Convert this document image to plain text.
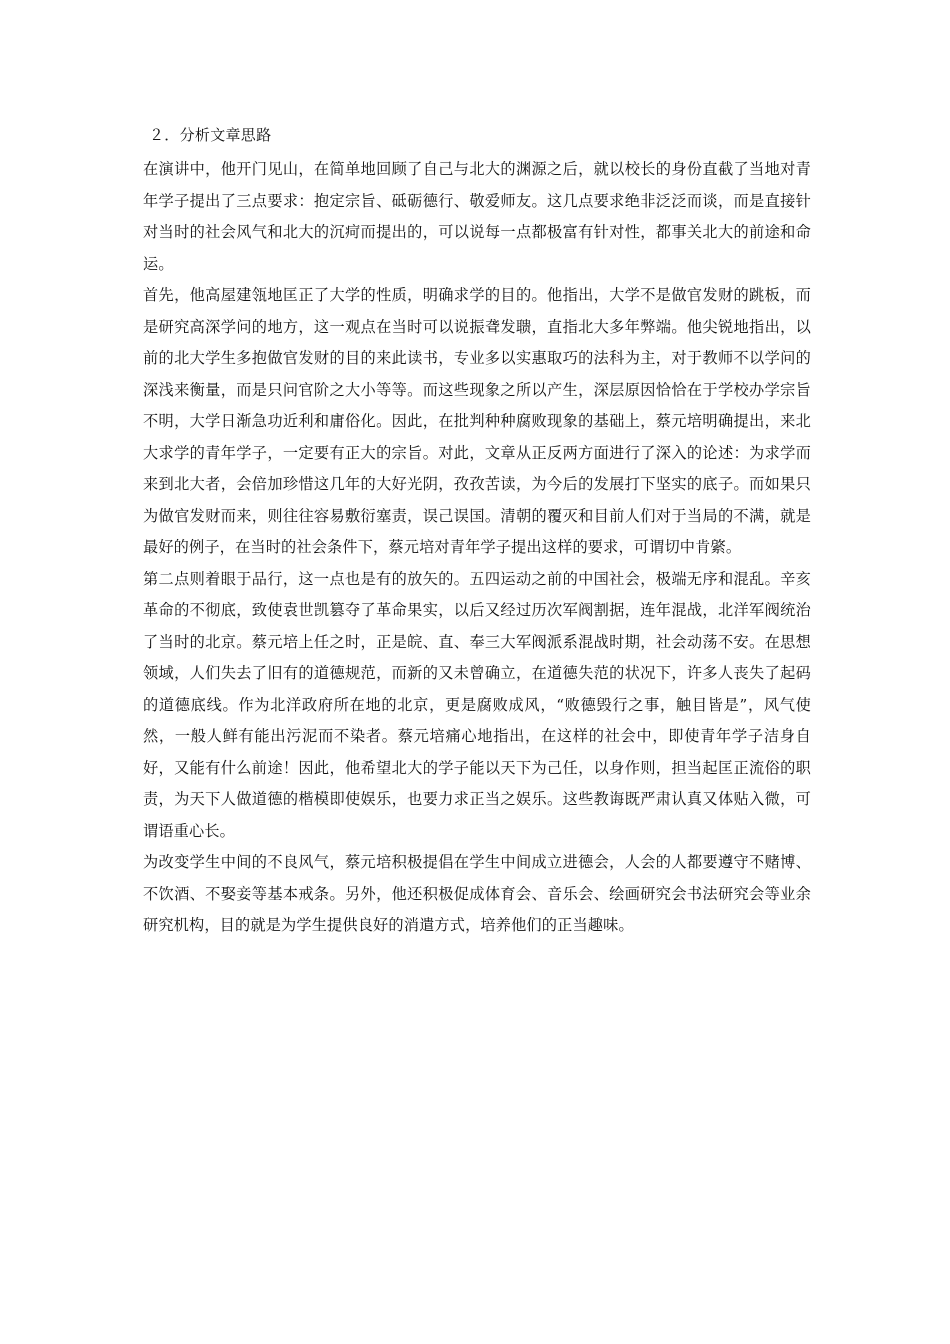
２．分析文章思路

在演讲中，他开门见山，在简单地回顾了自己与北大的渊源之后，就以校长的身份直截了当地对青年学子提出了三点要求：抱定宗旨、砥砺德行、敬爱师友。这几点要求绝非泛泛而谈，而是直接针对当时的社会风气和北大的沉疴而提出的，可以说每一点都极富有针对性，都事关北大的前途和命运。

首先，他高屋建瓴地匡正了大学的性质，明确求学的目的。他指出，大学不是做官发财的跳板，而是研究高深学问的地方，这一观点在当时可以说振聋发聩，直指北大多年弊端。他尖锐地指出，以前的北大学生多抱做官发财的目的来此读书，专业多以实惠取巧的法科为主，对于教师不以学问的深浅来衡量，而是只问官阶之大小等等。而这些现象之所以产生，深层原因恰恰在于学校办学宗旨不明，大学日渐急功近利和庸俗化。因此，在批判种种腐败现象的基础上，蔡元培明确提出，来北大求学的青年学子，一定要有正大的宗旨。对此，文章从正反两方面进行了深入的论述：为求学而来到北大者，会倍加珍惜这几年的大好光阴，孜孜苦读，为今后的发展打下坚实的底子。而如果只为做官发财而来，则往往容易敷衍塞责，误己误国。清朝的覆灭和目前人们对于当局的不满，就是最好的例子，在当时的社会条件下，蔡元培对青年学子提出这样的要求，可谓切中肯綮。

第二点则着眼于品行，这一点也是有的放矢的。五四运动之前的中国社会，极端无序和混乱。辛亥革命的不彻底，致使袁世凯篡夺了革命果实，以后又经过历次军阀割据，连年混战，北洋军阀统治了当时的北京。蔡元培上任之时，正是皖、直、奉三大军阀派系混战时期，社会动荡不安。在思想领域，人们失去了旧有的道德规范，而新的又未曾确立，在道德失范的状况下，许多人丧失了起码的道德底线。作为北洋政府所在地的北京，更是腐败成风，“败德毁行之事，触目皆是”，风气使然，一般人鲜有能出污泥而不染者。蔡元培痛心地指出，在这样的社会中，即使青年学子洁身自好，又能有什么前途！因此，他希望北大的学子能以天下为己任，以身作则，担当起匡正流俗的职责，为天下人做道德的楷模即使娱乐，也要力求正当之娱乐。这些教诲既严肃认真又体贴入微，可谓语重心长。

为改变学生中间的不良风气，蔡元培积极提倡在学生中间成立进德会，人会的人都要遵守不赌博、不饮酒、不娶妾等基本戒条。另外，他还积极促成体育会、音乐会、绘画研究会书法研究会等业余研究机构，目的就是为学生提供良好的消遣方式，培养他们的正当趣味。
